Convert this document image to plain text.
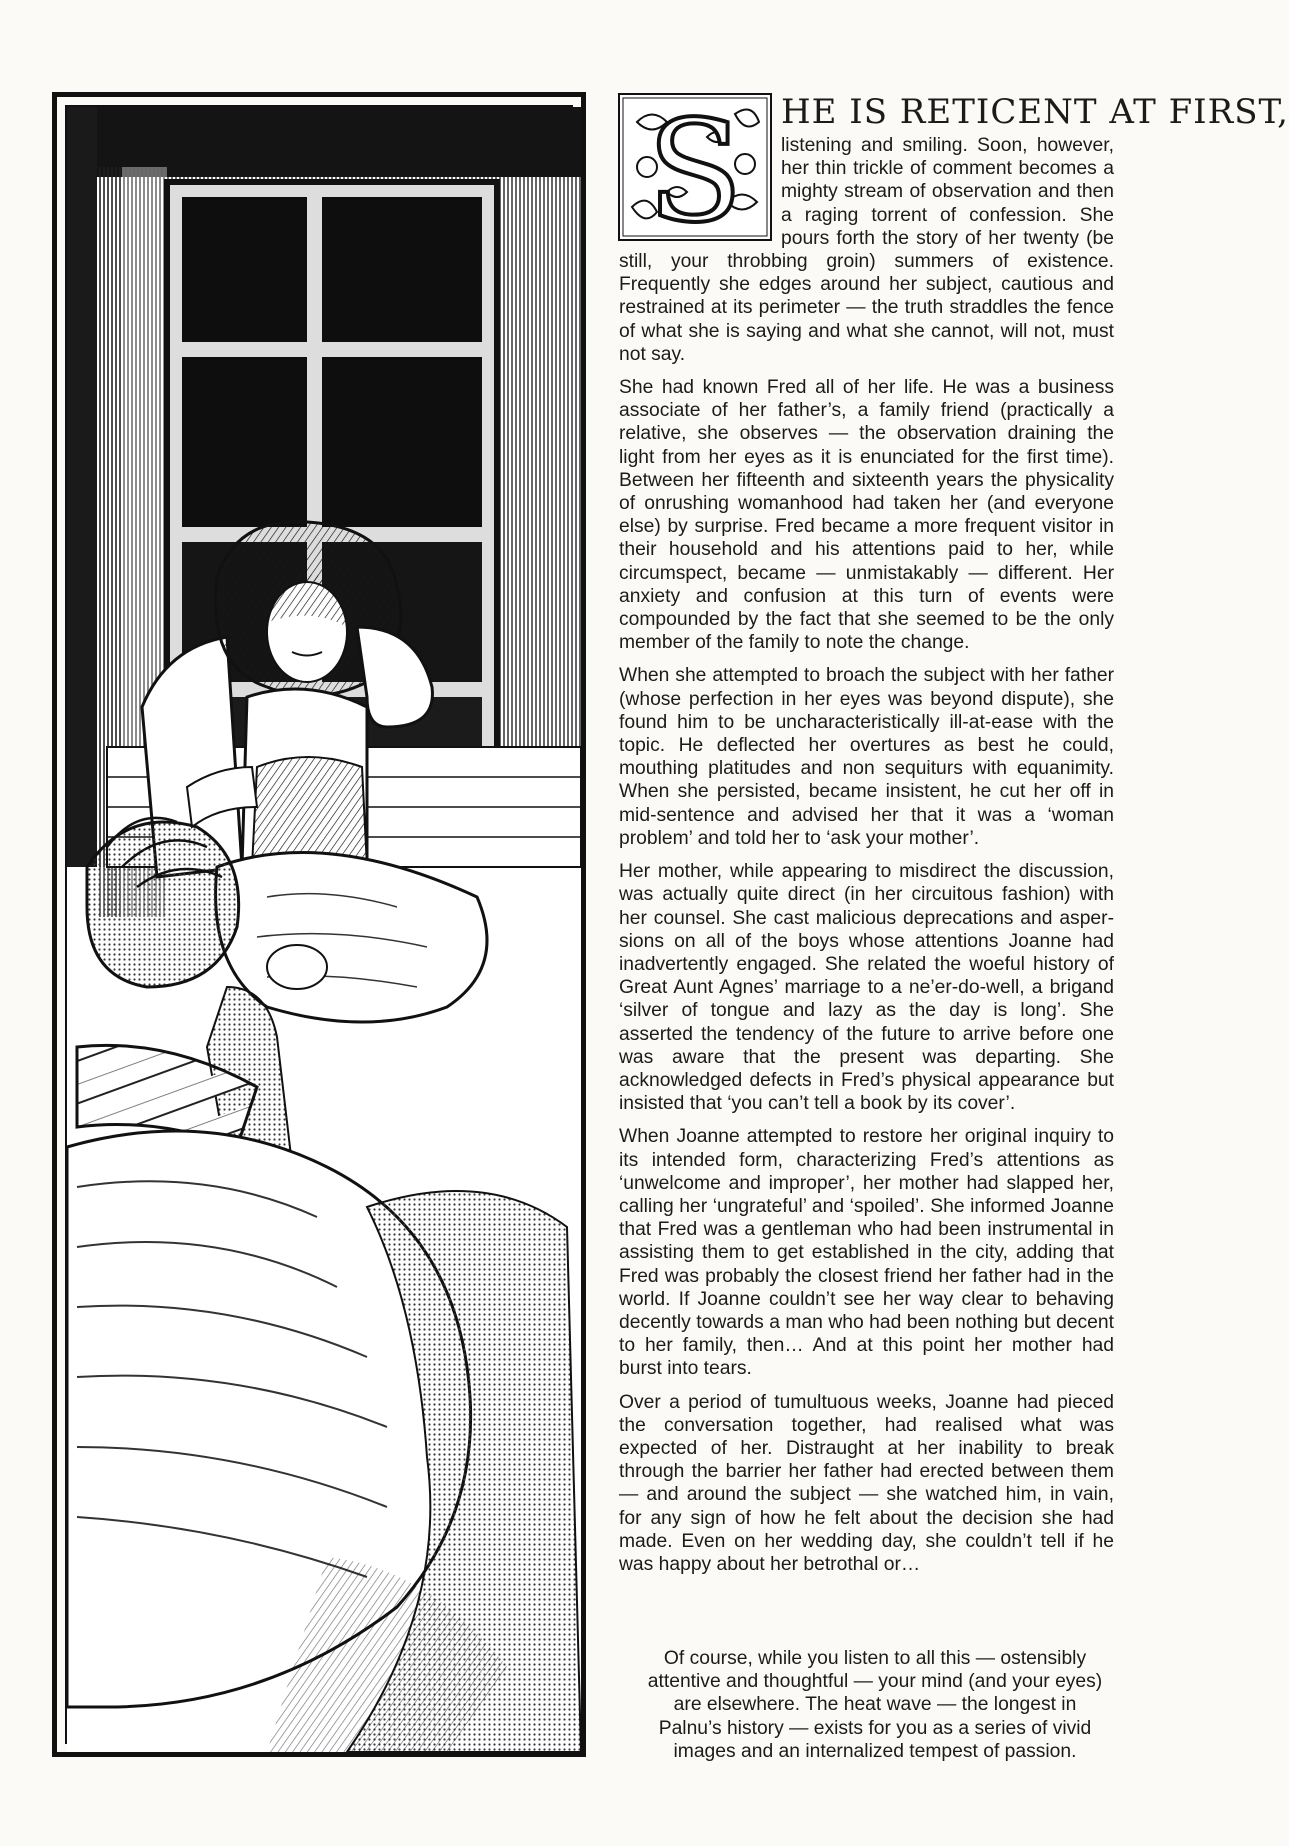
S	HE IS RETICENT AT FIRST,

listening and smiling. Soon, however, her thin trickle of comment becomes a mighty stream of observation and then a raging torrent of confession. She pours forth the story of her twenty (be still, your throbbing groin) summers of existence. Frequently she edges around her subject, cautious and restrained at its perimeter — the truth straddles the fence of what she is saying and what she cannot, will not, must not say.

She had known Fred all of her life. He was a business associate of her father’s, a family friend (practically a relative, she observes — the observation draining the light from her eyes as it is enunciated for the first time). Between her fifteenth and sixteenth years the physicality of onrushing womanhood had taken her (and everyone else) by surprise. Fred became a more frequent visitor in their household and his attentions paid to her, while circumspect, became — unmistakably — different. Her anxiety and confusion at this turn of events were compounded by the fact that she seemed to be the only member of the family to note the change.

When she attempted to broach the subject with her father (whose perfection in her eyes was beyond dispute), she found him to be uncharacteristically ill-at-ease with the topic. He deflected her overtures as best he could, mouthing platitudes and non sequiturs with equanimity. When she persisted, became insistent, he cut her off in mid-sentence and advised her that it was a ‘woman problem’ and told her to ‘ask your mother’.

Her mother, while appearing to misdirect the discussion, was actually quite direct (in her circuitous fashion) with her counsel. She cast malicious deprecations and aspersions on all of the boys whose attentions Joanne had inadvertently engaged. She related the woeful history of Great Aunt Agnes’ marriage to a ne’er-do-well, a brigand ‘silver of tongue and lazy as the day is long’. She asserted the tendency of the future to arrive before one was aware that the present was departing. She acknowledged defects in Fred’s physical appearance but insisted that ‘you can’t tell a book by its cover’.

When Joanne attempted to restore her original inquiry to its intended form, characterizing Fred’s attentions as ‘unwelcome and improper’, her mother had slapped her, calling her ‘ungrateful’ and ‘spoiled’. She informed Joanne that Fred was a gentleman who had been instrumental in assisting them to get established in the city, adding that Fred was probably the closest friend her father had in the world. If Joanne couldn’t see her way clear to behaving decently towards a man who had been nothing but decent to her family, then… And at this point her mother had burst into tears.

Over a period of tumultuous weeks, Joanne had pieced the conversation together, had realised what was expected of her. Distraught at her inability to break through the barrier her father had erected between them — and around the subject — she watched him, in vain, for any sign of how he felt about the decision she had made. Even on her wedding day, she couldn’t tell if he was happy about her betrothal or…

Of course, while you listen to all this — ostensibly attentive and thoughtful — your mind (and your eyes) are elsewhere. The heat wave — the longest in Palnu’s history — exists for you as a series of vivid images and an internalized tempest of passion.
